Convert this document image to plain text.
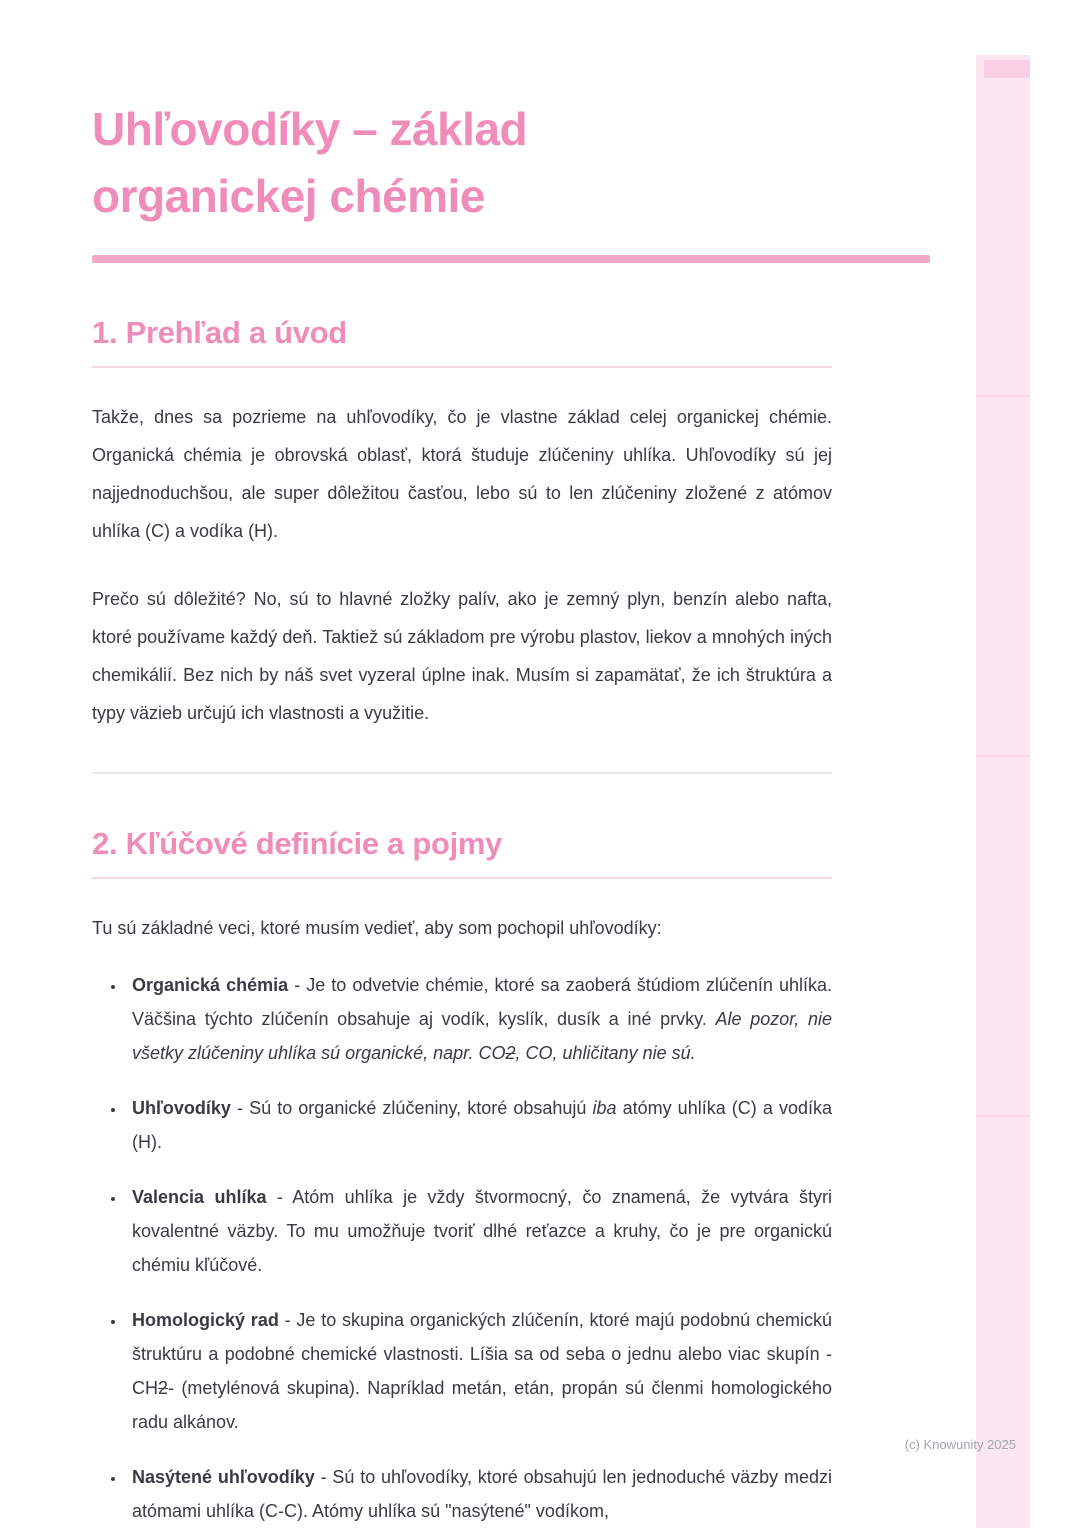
Uhľovodíky – základ organickej chémie
1. Prehľad a úvod

Takže, dnes sa pozrieme na uhľovodíky, čo je vlastne základ celej organickej chémie. Organická chémia je obrovská oblasť, ktorá študuje zlúčeniny uhlíka. Uhľovodíky sú jej najjednoduchšou, ale super dôležitou časťou, lebo sú to len zlúčeniny zložené z atómov uhlíka (C) a vodíka (H).

Prečo sú dôležité? No, sú to hlavné zložky palív, ako je zemný plyn, benzín alebo nafta, ktoré používame každý deň. Taktiež sú základom pre výrobu plastov, liekov a mnohých iných chemikálií. Bez nich by náš svet vyzeral úplne inak. Musím si zapamätať, že ich štruktúra a typy väzieb určujú ich vlastnosti a využitie.

2. Kľúčové definície a pojmy

Tu sú základné veci, ktoré musím vedieť, aby som pochopil uhľovodíky:

• Organická chémia - Je to odvetvie chémie, ktoré sa zaoberá štúdiom zlúčenín uhlíka. Väčšina týchto zlúčenín obsahuje aj vodík, kyslík, dusík a iné prvky. Ale pozor, nie všetky zlúčeniny uhlíka sú organické, napr. CO2, CO, uhličitany nie sú.
• Uhľovodíky - Sú to organické zlúčeniny, ktoré obsahujú iba atómy uhlíka (C) a vodíka (H).
• Valencia uhlíka - Atóm uhlíka je vždy štvormocný, čo znamená, že vytvára štyri kovalentné väzby. To mu umožňuje tvoriť dlhé reťazce a kruhy, čo je pre organickú chémiu kľúčové.
• Homologický rad - Je to skupina organických zlúčenín, ktoré majú podobnú chemickú štruktúru a podobné chemické vlastnosti. Líšia sa od seba o jednu alebo viac skupín -CH2- (metylénová skupina). Napríklad metán, etán, propán sú členmi homologického radu alkánov.
• Nasýtené uhľovodíky - Sú to uhľovodíky, ktoré obsahujú len jednoduché väzby medzi atómami uhlíka (C-C). Atómy uhlíka sú "nasýtené" vodíkom,
(c) Knowunity 2025
